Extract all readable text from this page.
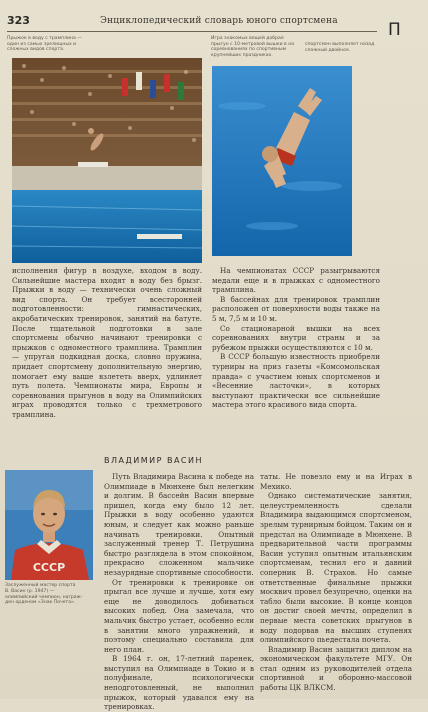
323	Энциклопедический словарь юного спортсмена	П
Прыжок в воду с трамплина —
один из самых зрелищных и
сложных видов спорта.
Игра знакомых вещей добрая
прыгун с 10-метровой вышки в на
соревнованиях по спортивным
крупнейших праздниках.
спортсмен выполняет назад
сложный двойное.

исполнения фигур в воздухе, входом в воду. Сильнейшие мастера входят в воду без брызг. Прыжки в воду — технически очень сложный вид спорта. Он требует всесторонней подготовленности: гимнастических, акробатических тренировок, занятий на батуте. После тщательной подготовки в зале спортсмены обычно начинают тренировки с прыжков с одноместного трамплина. Трамплин — упругая подкидная доска, словно пружина, придает спортсмену дополнительную энергию, помогает ему выше взлететь вверх, удлиняет путь полета. Чемпионаты мира, Европы и соревнования прыгунов в воду на Олимпийских играх проводятся только с трехметрового трамплина.

На чемпионатах СССР разыгрываются медали еще и в прыжках с одноместного трамплина.

В бассейнах для тренировок трамплин расположен от поверхности воды также на 5 м, 7,5 м и 10 м.

Со стационарной вышки на всех соревнованиях внутри страны и за рубежом прыжки осуществляются с 10 м.

В СССР большую известность приобрели турниры на приз газеты «Комсомольская правда» с участием юных спортсменов и «Весенние ласточки», в которых выступают практически все сильнейшие мастера этого красивого вида спорта.

ВЛАДИМИР ВАСИН
CCCP
Заслуженный мастер спорта
В. Васин (р. 1947) —
олимпийский чемпион, награж-
ден орденом «Знак Почета».

Путь Владимира Васина к победе на Олимпиаде в Мюнхене был нелегким и долгим. В бассейн Васин впервые пришел, когда ему было 12 лет. Прыжки в воду особенно удаются юным, и следует как можно раньше начинать тренировки. Опытный заслуженный тренер Т. Петрушина быстро разглядела в этом спокойном, прекрасно сложенном мальчике незаурядные спортивные способности.

От тренировки к тренировке он прыгал все лучше и лучше, хотя ему еще не доводилось добиваться высоких побед. Она замечала, что мальчик быстро устает, особенно если в занятии много упражнений, и поэтому специально составила для него план.

В 1964 г. он, 17-летний паренек, выступил на Олимпиаде в Токио и в полуфинале, психологически неподготовленный, не выполнил прыжок, который удавался ему на тренировках.

таты. Не повезло ему и на Играх в Мехико.

Однако систематические занятия, целеустремленность сделали Владимира выдающимся спортсменом, зрелым турнирным бойцом. Таким он и предстал на Олимпиаде в Мюнхене. В предварительной части программы Васин уступил опытным итальянским спортсменам, теснил его и давний соперник В. Страхов. Но самые ответственные финальные прыжки москвич провел безупречно, оценки на табло были высокие. В конце концов он достиг своей мечты, определил в первые места советских прыгунов в воду подорвав на высших ступенях олимпийского пьедестала почета.

Владимир Васин защитил диплом на экономическом факультете МГУ. Он стал одним из руководителей отдела спортивной и оборонно-массовой работы ЦК ВЛКСМ.
